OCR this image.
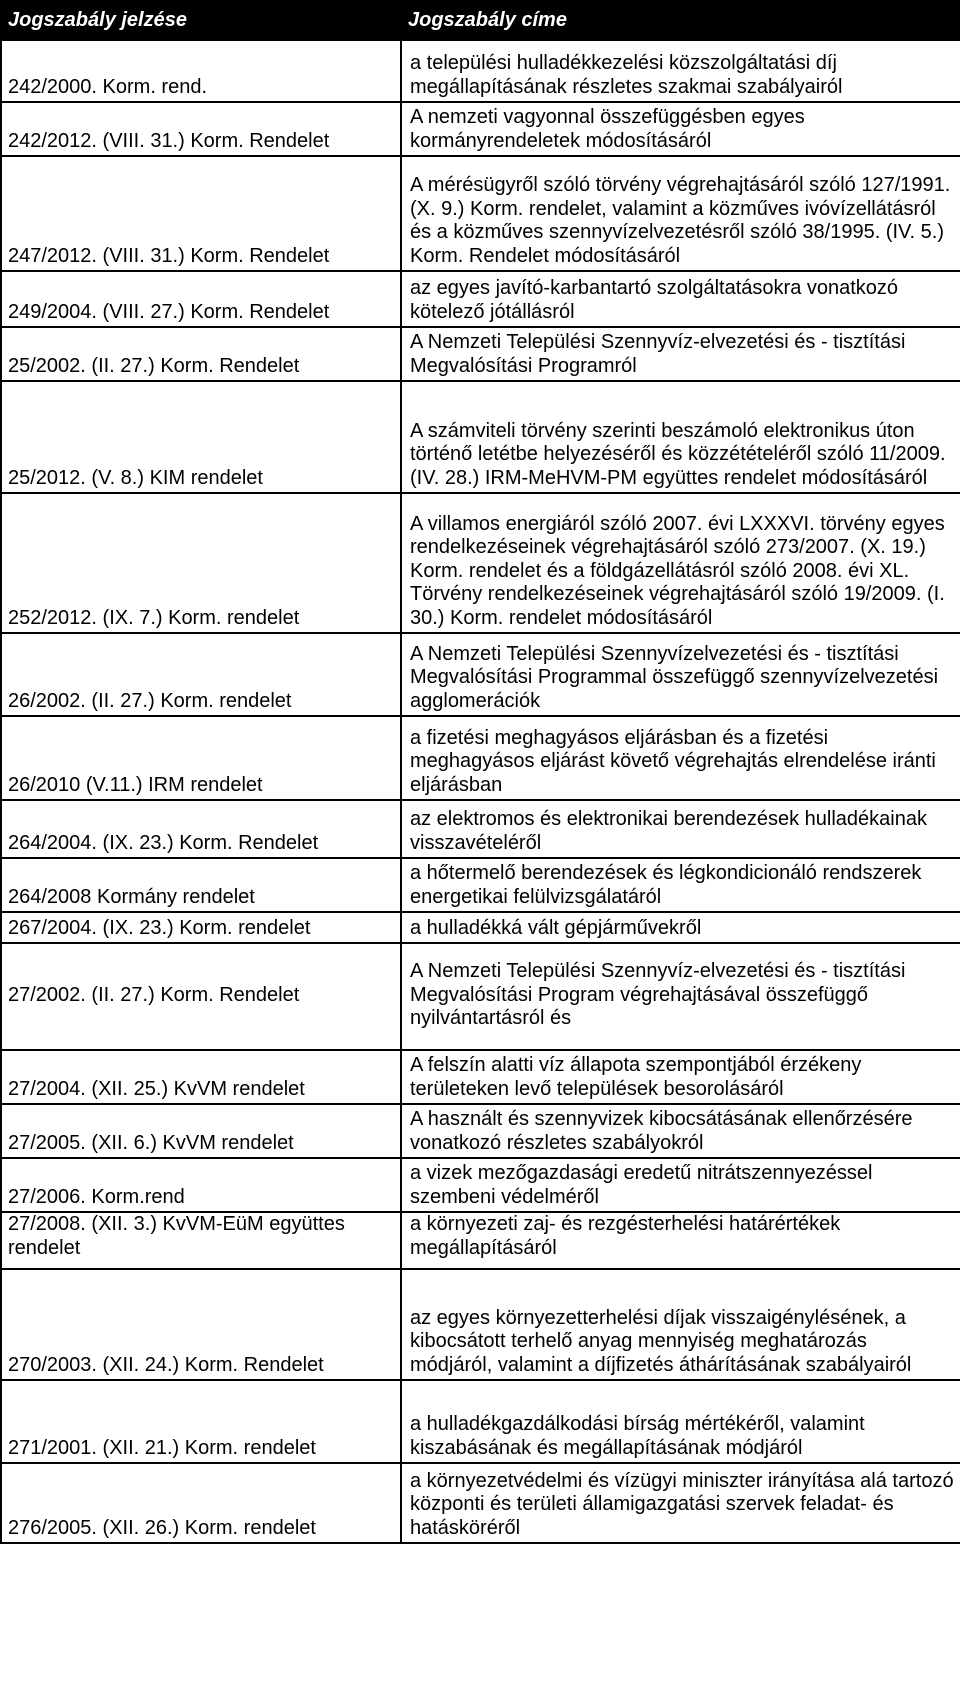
Jogszabály jelzése	Jogszabály címe
242/2000. Korm. rend.	a települési hulladékkezelési közszolgáltatási díj megállapításának részletes szakmai szabályairól
242/2012. (VIII. 31.) Korm. Rendelet	A nemzeti vagyonnal összefüggésben egyes kormányrendeletek módosításáról
247/2012. (VIII. 31.) Korm. Rendelet	A mérésügyről szóló törvény végrehajtásáról szóló 127/1991. (X. 9.) Korm. rendelet, valamint a közműves ivóvízellátásról és a közműves szennyvízelvezetésről szóló 38/1995. (IV. 5.) Korm. Rendelet módosításáról
249/2004. (VIII. 27.) Korm. Rendelet	az egyes javító-karbantartó szolgáltatásokra vonatkozó kötelező jótállásról
25/2002. (II. 27.) Korm. Rendelet	A Nemzeti Települési Szennyvíz-elvezetési és - tisztítási Megvalósítási Programról
25/2012. (V. 8.) KIM rendelet	A számviteli törvény szerinti beszámoló elektronikus úton történő letétbe helyezéséről és közzétételéről szóló 11/2009. (IV. 28.) IRM-MeHVM-PM együttes rendelet módosításáról
252/2012. (IX. 7.) Korm. rendelet	A villamos energiáról szóló 2007. évi LXXXVI. törvény egyes rendelkezéseinek végrehajtásáról szóló 273/2007. (X. 19.) Korm. rendelet és a földgázellátásról szóló 2008. évi XL. Törvény rendelkezéseinek végrehajtásáról szóló 19/2009. (I. 30.) Korm. rendelet módosításáról
26/2002. (II. 27.) Korm. rendelet	A Nemzeti Települési Szennyvízelvezetési és - tisztítási Megvalósítási Programmal összefüggő szennyvízelvezetési agglomerációk
26/2010 (V.11.) IRM rendelet	a fizetési meghagyásos eljárásban és a fizetési meghagyásos eljárást követő végrehajtás elrendelése iránti eljárásban
264/2004. (IX. 23.) Korm. Rendelet	az elektromos és elektronikai berendezések hulladékainak visszavételéről
264/2008 Kormány rendelet	a hőtermelő berendezések és légkondicionáló rendszerek energetikai felülvizsgálatáról
267/2004. (IX. 23.) Korm. rendelet	a hulladékká vált gépjárművekről
27/2002. (II. 27.) Korm. Rendelet	A Nemzeti Települési Szennyvíz-elvezetési és - tisztítási Megvalósítási Program végrehajtásával összefüggő nyilvántartásról és
27/2004. (XII. 25.) KvVM rendelet	A felszín alatti víz állapota szempontjából érzékeny területeken levő települések besorolásáról
27/2005. (XII. 6.) KvVM rendelet	A használt és szennyvizek kibocsátásának ellenőrzésére vonatkozó részletes szabályokról
27/2006. Korm.rend	a vizek mezőgazdasági eredetű nitrátszennyezéssel szembeni védelméről
27/2008. (XII. 3.) KvVM-EüM együttes rendelet	a környezeti zaj- és rezgésterhelési határértékek megállapításáról
270/2003. (XII. 24.) Korm. Rendelet	az egyes környezetterhelési díjak visszaigénylésének, a kibocsátott terhelő anyag mennyiség meghatározás módjáról, valamint a díjfizetés áthárításának szabályairól
271/2001. (XII. 21.) Korm. rendelet	a hulladékgazdálkodási bírság mértékéről, valamint kiszabásának és megállapításának módjáról
276/2005. (XII. 26.) Korm. rendelet	a környezetvédelmi és vízügyi miniszter irányítása alá tartozó központi és területi államigazgatási szervek feladat- és hatásköréről
